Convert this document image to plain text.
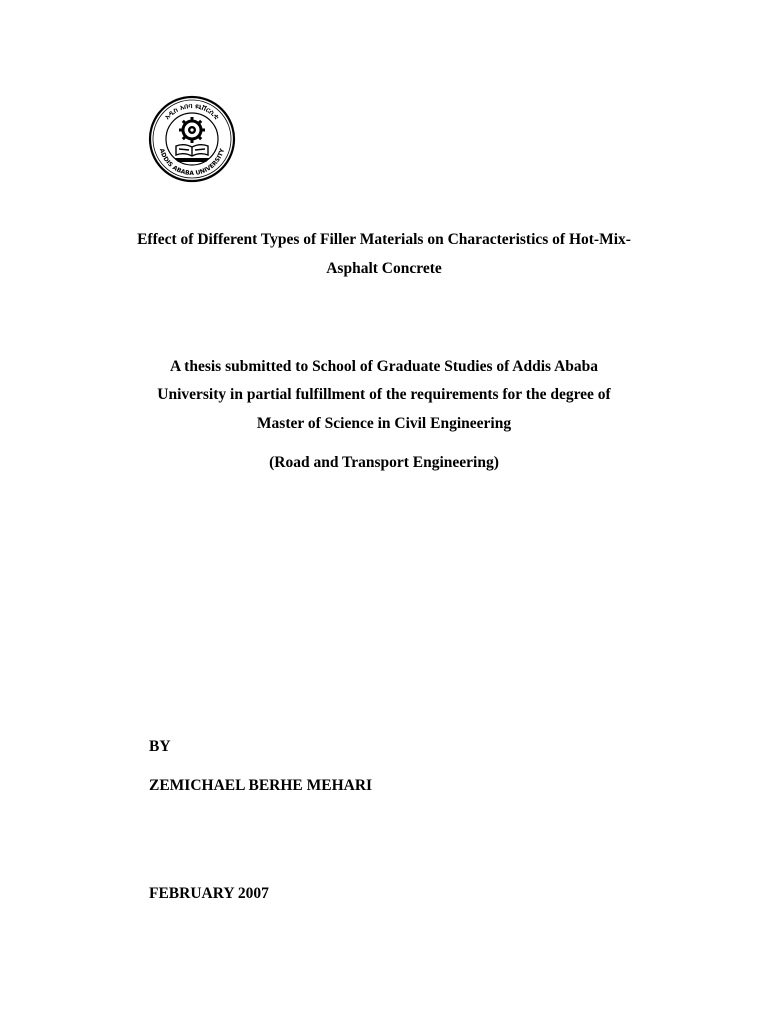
አዲስ አበባ ዩኒቨርሲቲ
ADDIS ABABA UNIVERSITY
Effect of Different Types of Filler Materials on Characteristics of Hot-Mix-
Asphalt Concrete
A thesis submitted to School of Graduate Studies of Addis Ababa
University in partial fulfillment of the requirements for the degree of
Master of Science in Civil Engineering
(Road and Transport Engineering)
BY
ZEMICHAEL BERHE MEHARI
FEBRUARY 2007
